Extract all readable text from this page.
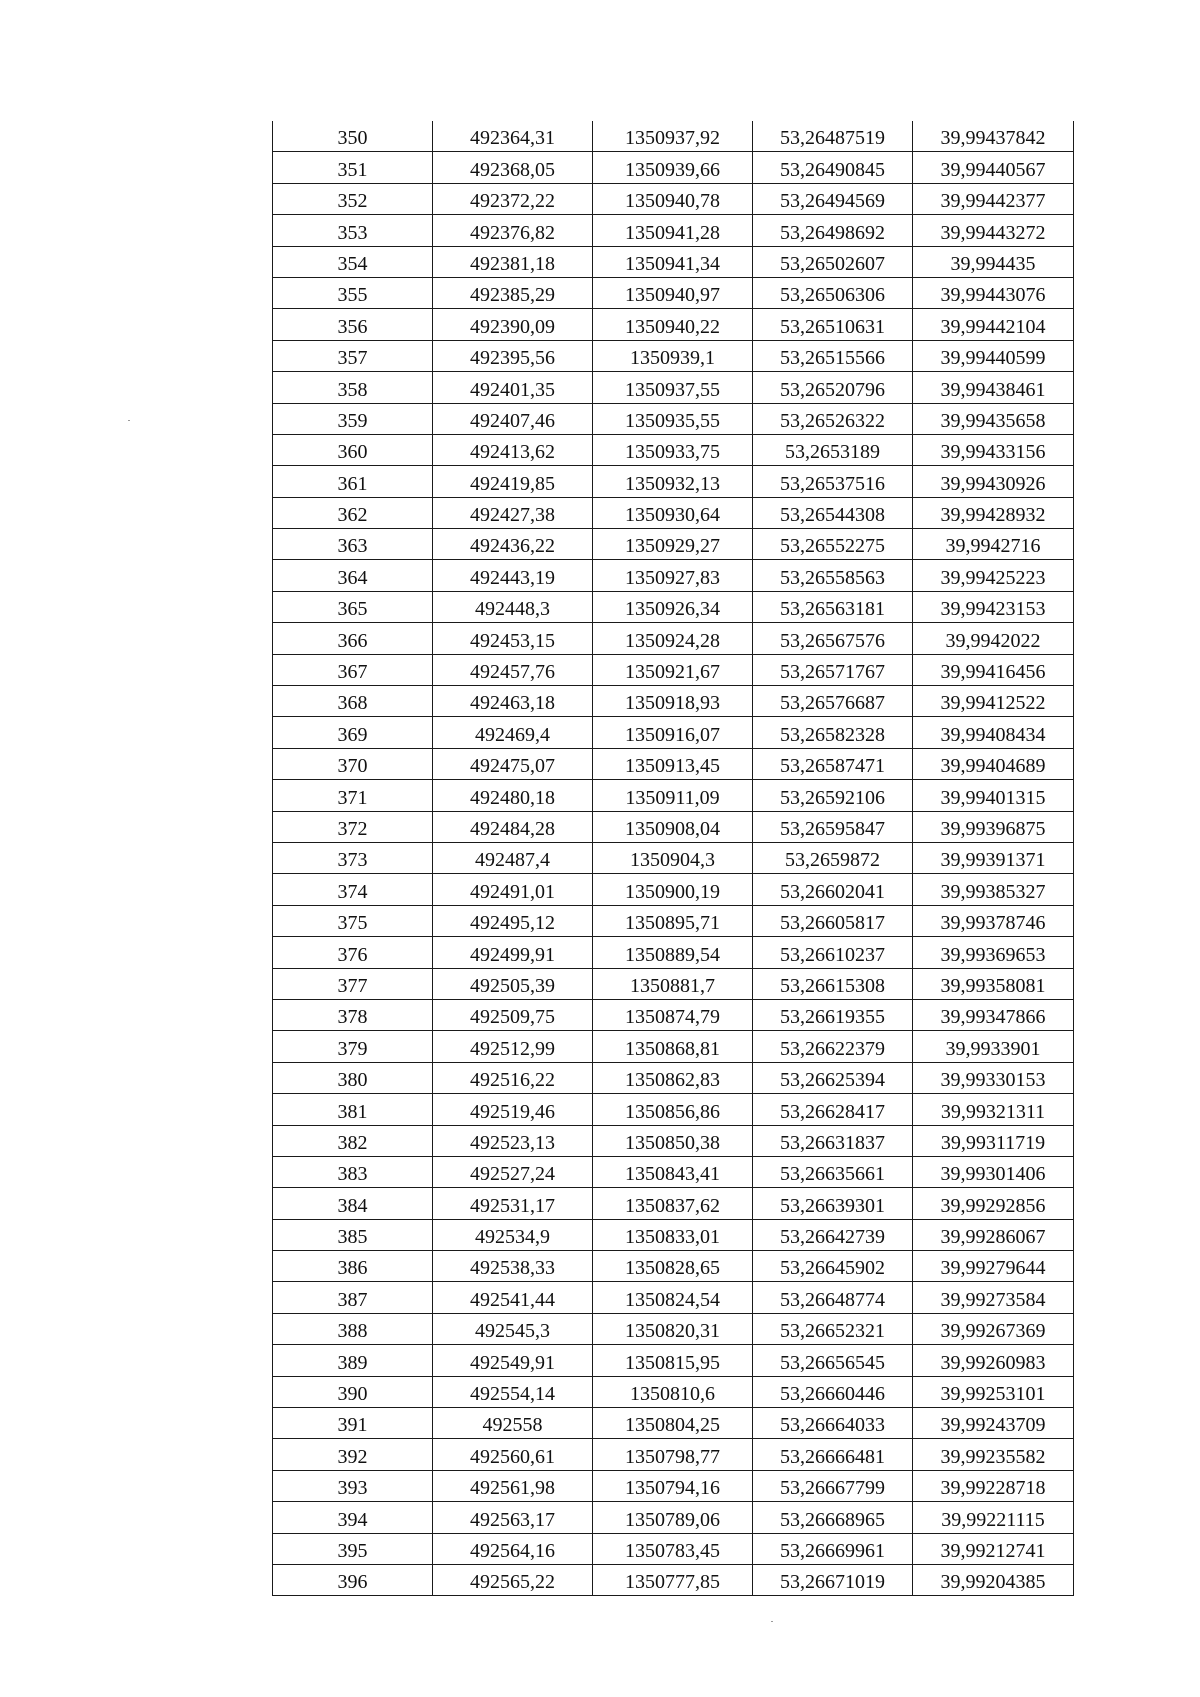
350	492364,31	1350937,92	53,26487519	39,99437842
351	492368,05	1350939,66	53,26490845	39,99440567
352	492372,22	1350940,78	53,26494569	39,99442377
353	492376,82	1350941,28	53,26498692	39,99443272
354	492381,18	1350941,34	53,26502607	39,994435
355	492385,29	1350940,97	53,26506306	39,99443076
356	492390,09	1350940,22	53,26510631	39,99442104
357	492395,56	1350939,1	53,26515566	39,99440599
358	492401,35	1350937,55	53,26520796	39,99438461
359	492407,46	1350935,55	53,26526322	39,99435658
360	492413,62	1350933,75	53,2653189	39,99433156
361	492419,85	1350932,13	53,26537516	39,99430926
362	492427,38	1350930,64	53,26544308	39,99428932
363	492436,22	1350929,27	53,26552275	39,9942716
364	492443,19	1350927,83	53,26558563	39,99425223
365	492448,3	1350926,34	53,26563181	39,99423153
366	492453,15	1350924,28	53,26567576	39,9942022
367	492457,76	1350921,67	53,26571767	39,99416456
368	492463,18	1350918,93	53,26576687	39,99412522
369	492469,4	1350916,07	53,26582328	39,99408434
370	492475,07	1350913,45	53,26587471	39,99404689
371	492480,18	1350911,09	53,26592106	39,99401315
372	492484,28	1350908,04	53,26595847	39,99396875
373	492487,4	1350904,3	53,2659872	39,99391371
374	492491,01	1350900,19	53,26602041	39,99385327
375	492495,12	1350895,71	53,26605817	39,99378746
376	492499,91	1350889,54	53,26610237	39,99369653
377	492505,39	1350881,7	53,26615308	39,99358081
378	492509,75	1350874,79	53,26619355	39,99347866
379	492512,99	1350868,81	53,26622379	39,9933901
380	492516,22	1350862,83	53,26625394	39,99330153
381	492519,46	1350856,86	53,26628417	39,99321311
382	492523,13	1350850,38	53,26631837	39,99311719
383	492527,24	1350843,41	53,26635661	39,99301406
384	492531,17	1350837,62	53,26639301	39,99292856
385	492534,9	1350833,01	53,26642739	39,99286067
386	492538,33	1350828,65	53,26645902	39,99279644
387	492541,44	1350824,54	53,26648774	39,99273584
388	492545,3	1350820,31	53,26652321	39,99267369
389	492549,91	1350815,95	53,26656545	39,99260983
390	492554,14	1350810,6	53,26660446	39,99253101
391	492558	1350804,25	53,26664033	39,99243709
392	492560,61	1350798,77	53,26666481	39,99235582
393	492561,98	1350794,16	53,26667799	39,99228718
394	492563,17	1350789,06	53,26668965	39,99221115
395	492564,16	1350783,45	53,26669961	39,99212741
396	492565,22	1350777,85	53,26671019	39,99204385
